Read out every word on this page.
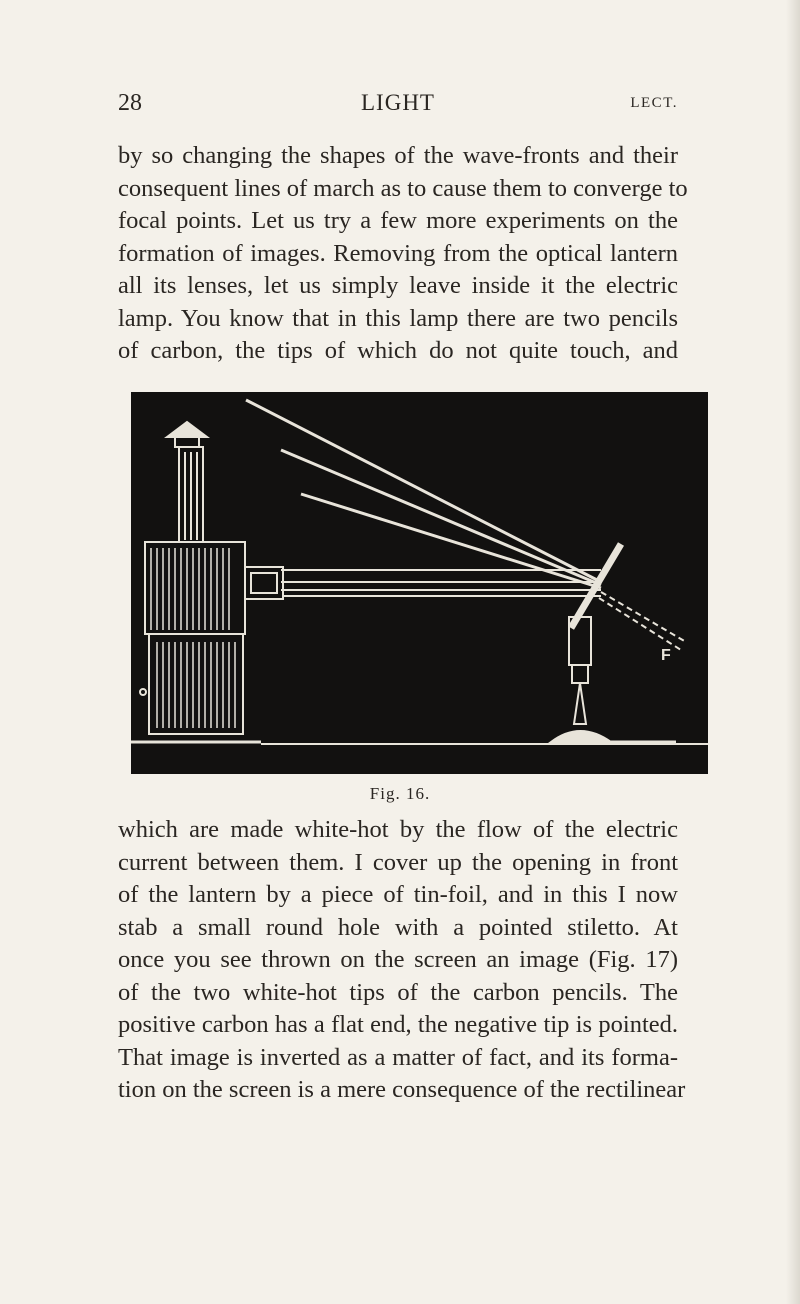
28	LIGHT	LECT.
by so changing the shapes of the wave-fronts and their
consequent lines of march as to cause them to converge to
focal points. Let us try a few more experiments on the
formation of images. Removing from the optical lantern
all its lenses, let us simply leave inside it the electric
lamp. You know that in this lamp there are two pencils
of carbon, the tips of which do not quite touch, and
F
Fig. 16.
which are made white-hot by the flow of the electric
current between them. I cover up the opening in front
of the lantern by a piece of tin-foil, and in this I now
stab a small round hole with a pointed stiletto. At
once you see thrown on the screen an image (Fig. 17)
of the two white-hot tips of the carbon pencils. The
positive carbon has a flat end, the negative tip is pointed.
That image is inverted as a matter of fact, and its forma-
tion on the screen is a mere consequence of the rectilinear
